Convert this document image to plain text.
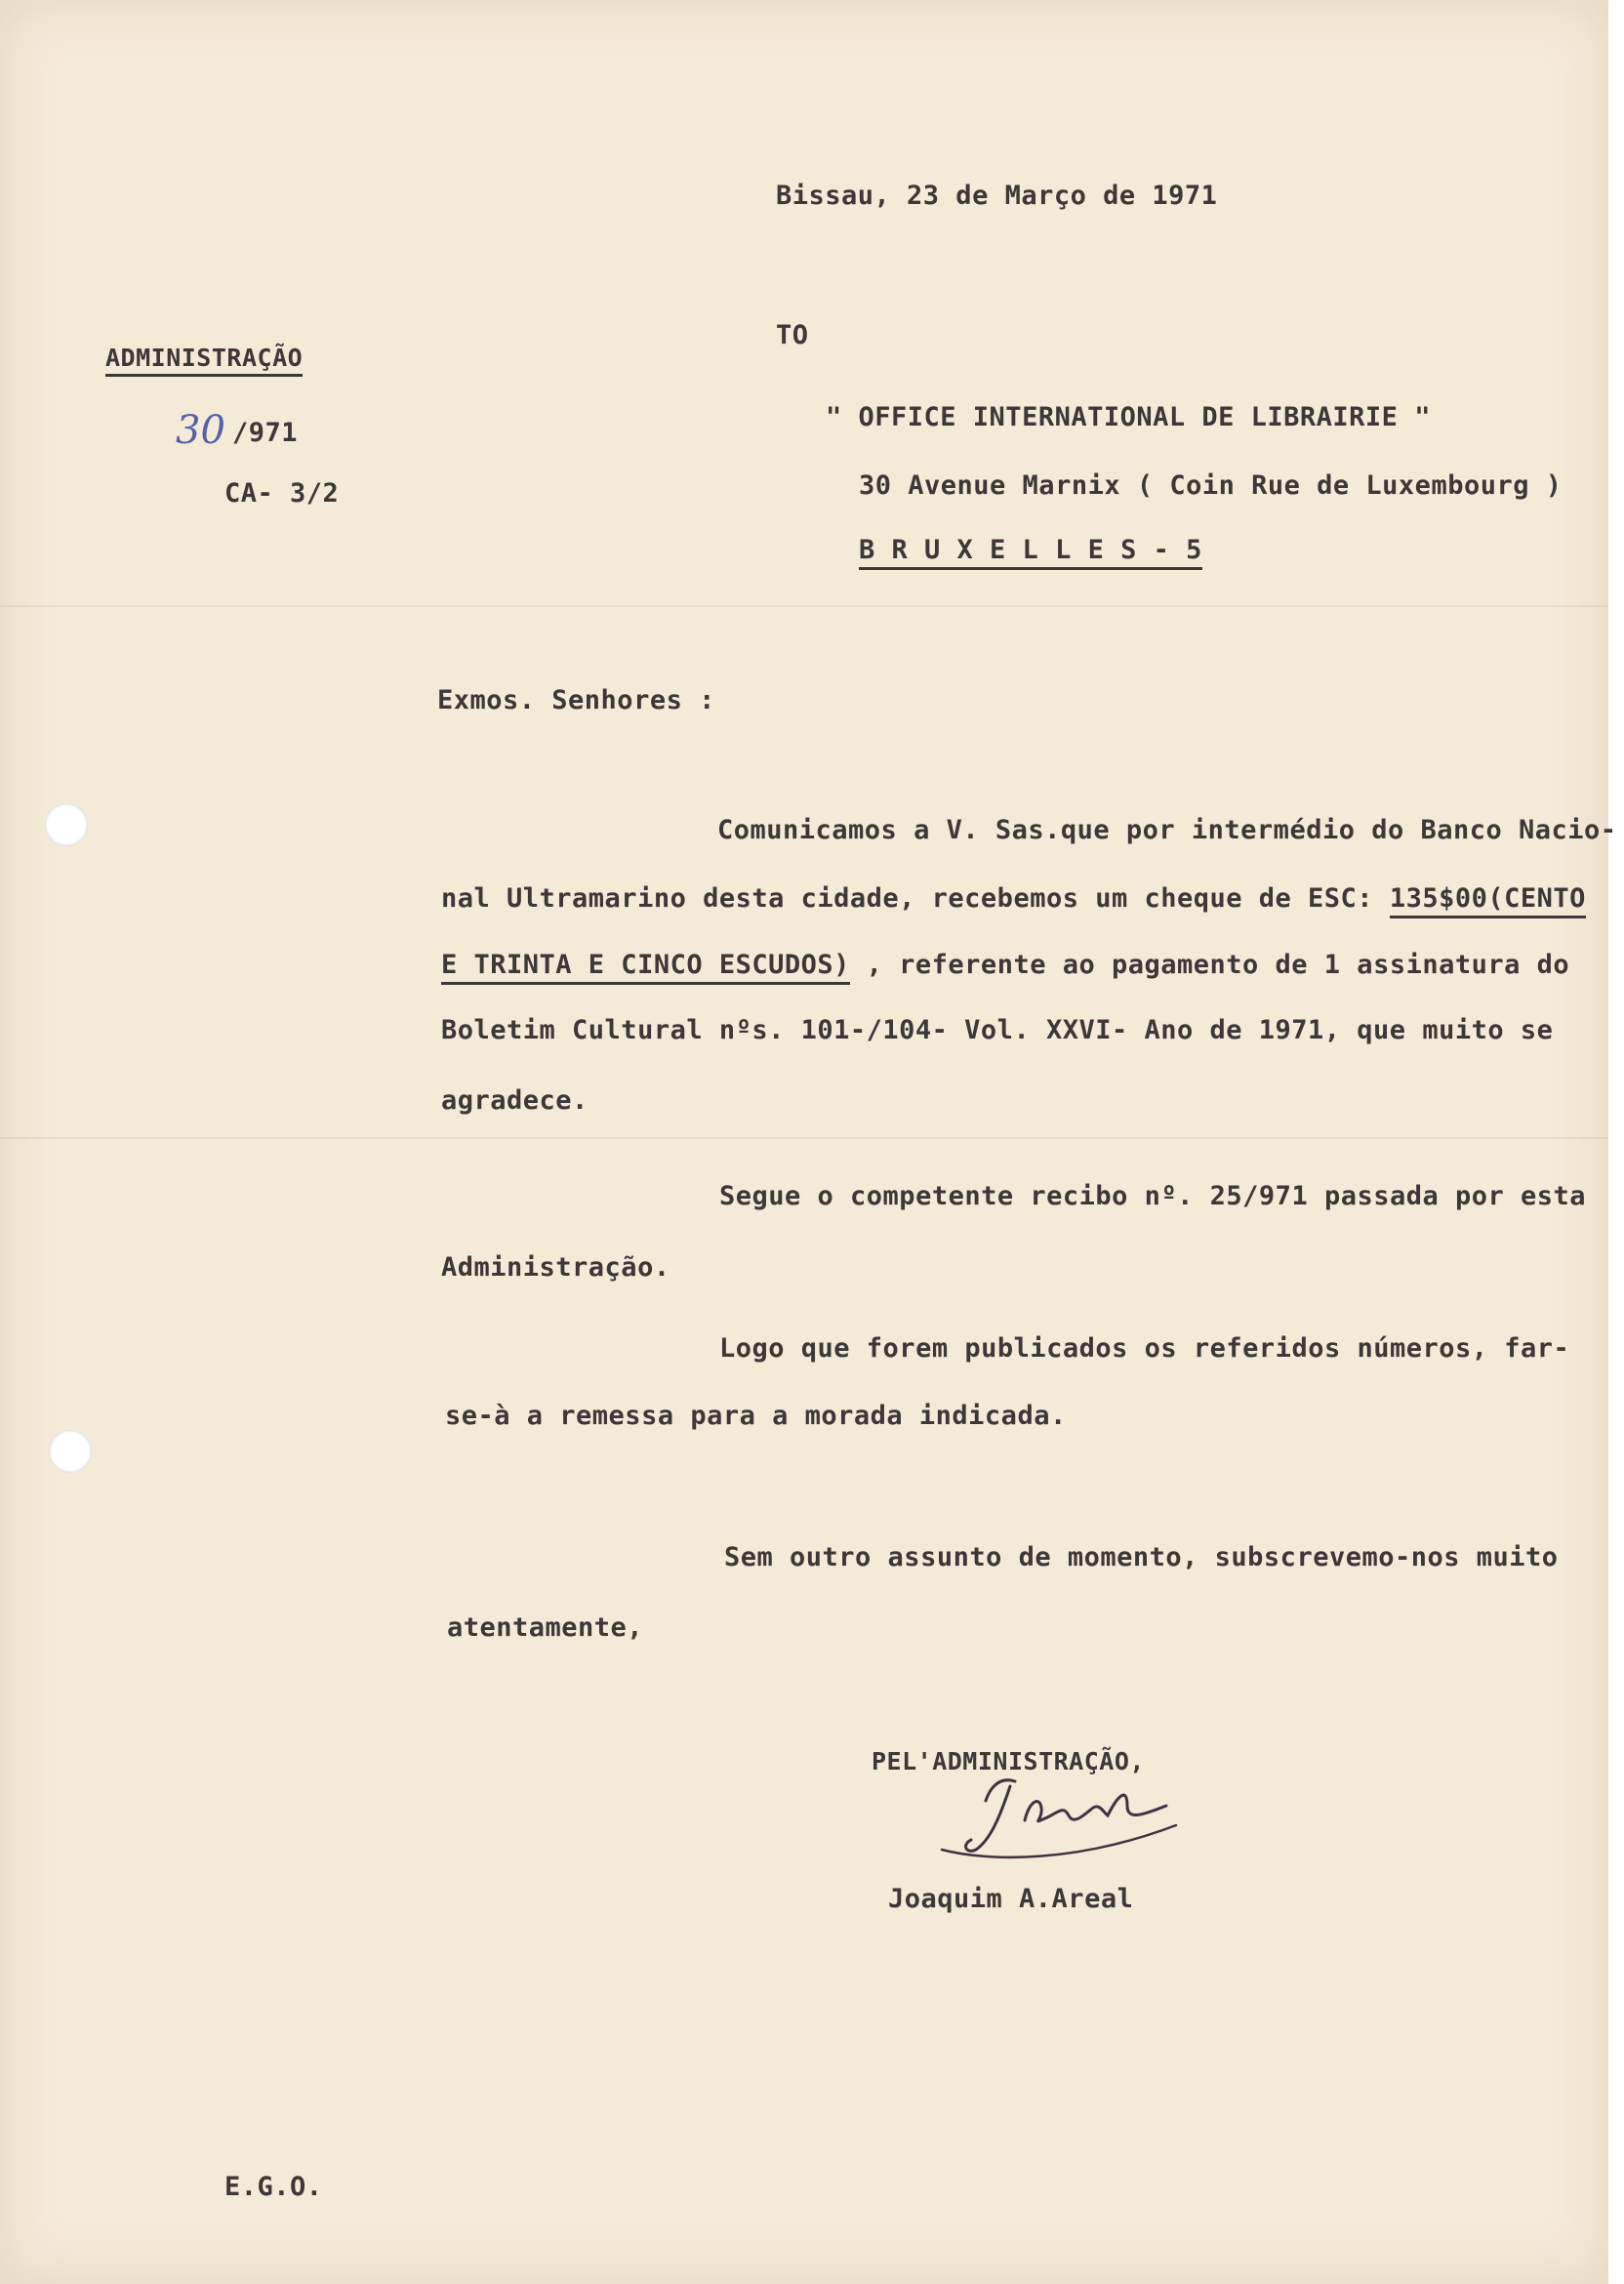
Bissau, 23 de Março de 1971
TO
ADMINISTRAÇÃO
30 /971
CA- 3/2
" OFFICE INTERNATIONAL DE LIBRAIRIE "
30 Avenue Marnix ( Coin Rue de Luxembourg )
B R U X E L L E S - 5
Exmos. Senhores :
Comunicamos a V. Sas.que por intermédio do Banco Nacio-
nal Ultramarino desta cidade, recebemos um cheque de ESC: 135$00(CENTO
E TRINTA E CINCO ESCUDOS) , referente ao pagamento de 1 assinatura do
Boletim Cultural nºs. 101-/104- Vol. XXVI- Ano de 1971, que muito se
agradece.
Segue o competente recibo nº. 25/971 passada por esta
Administração.
Logo que forem publicados os referidos números, far-
se-à a remessa para a morada indicada.
Sem outro assunto de momento, subscrevemo-nos muito
atentamente,
PEL'ADMINISTRAÇÃO,
Joaquim A.Areal
E.G.O.
